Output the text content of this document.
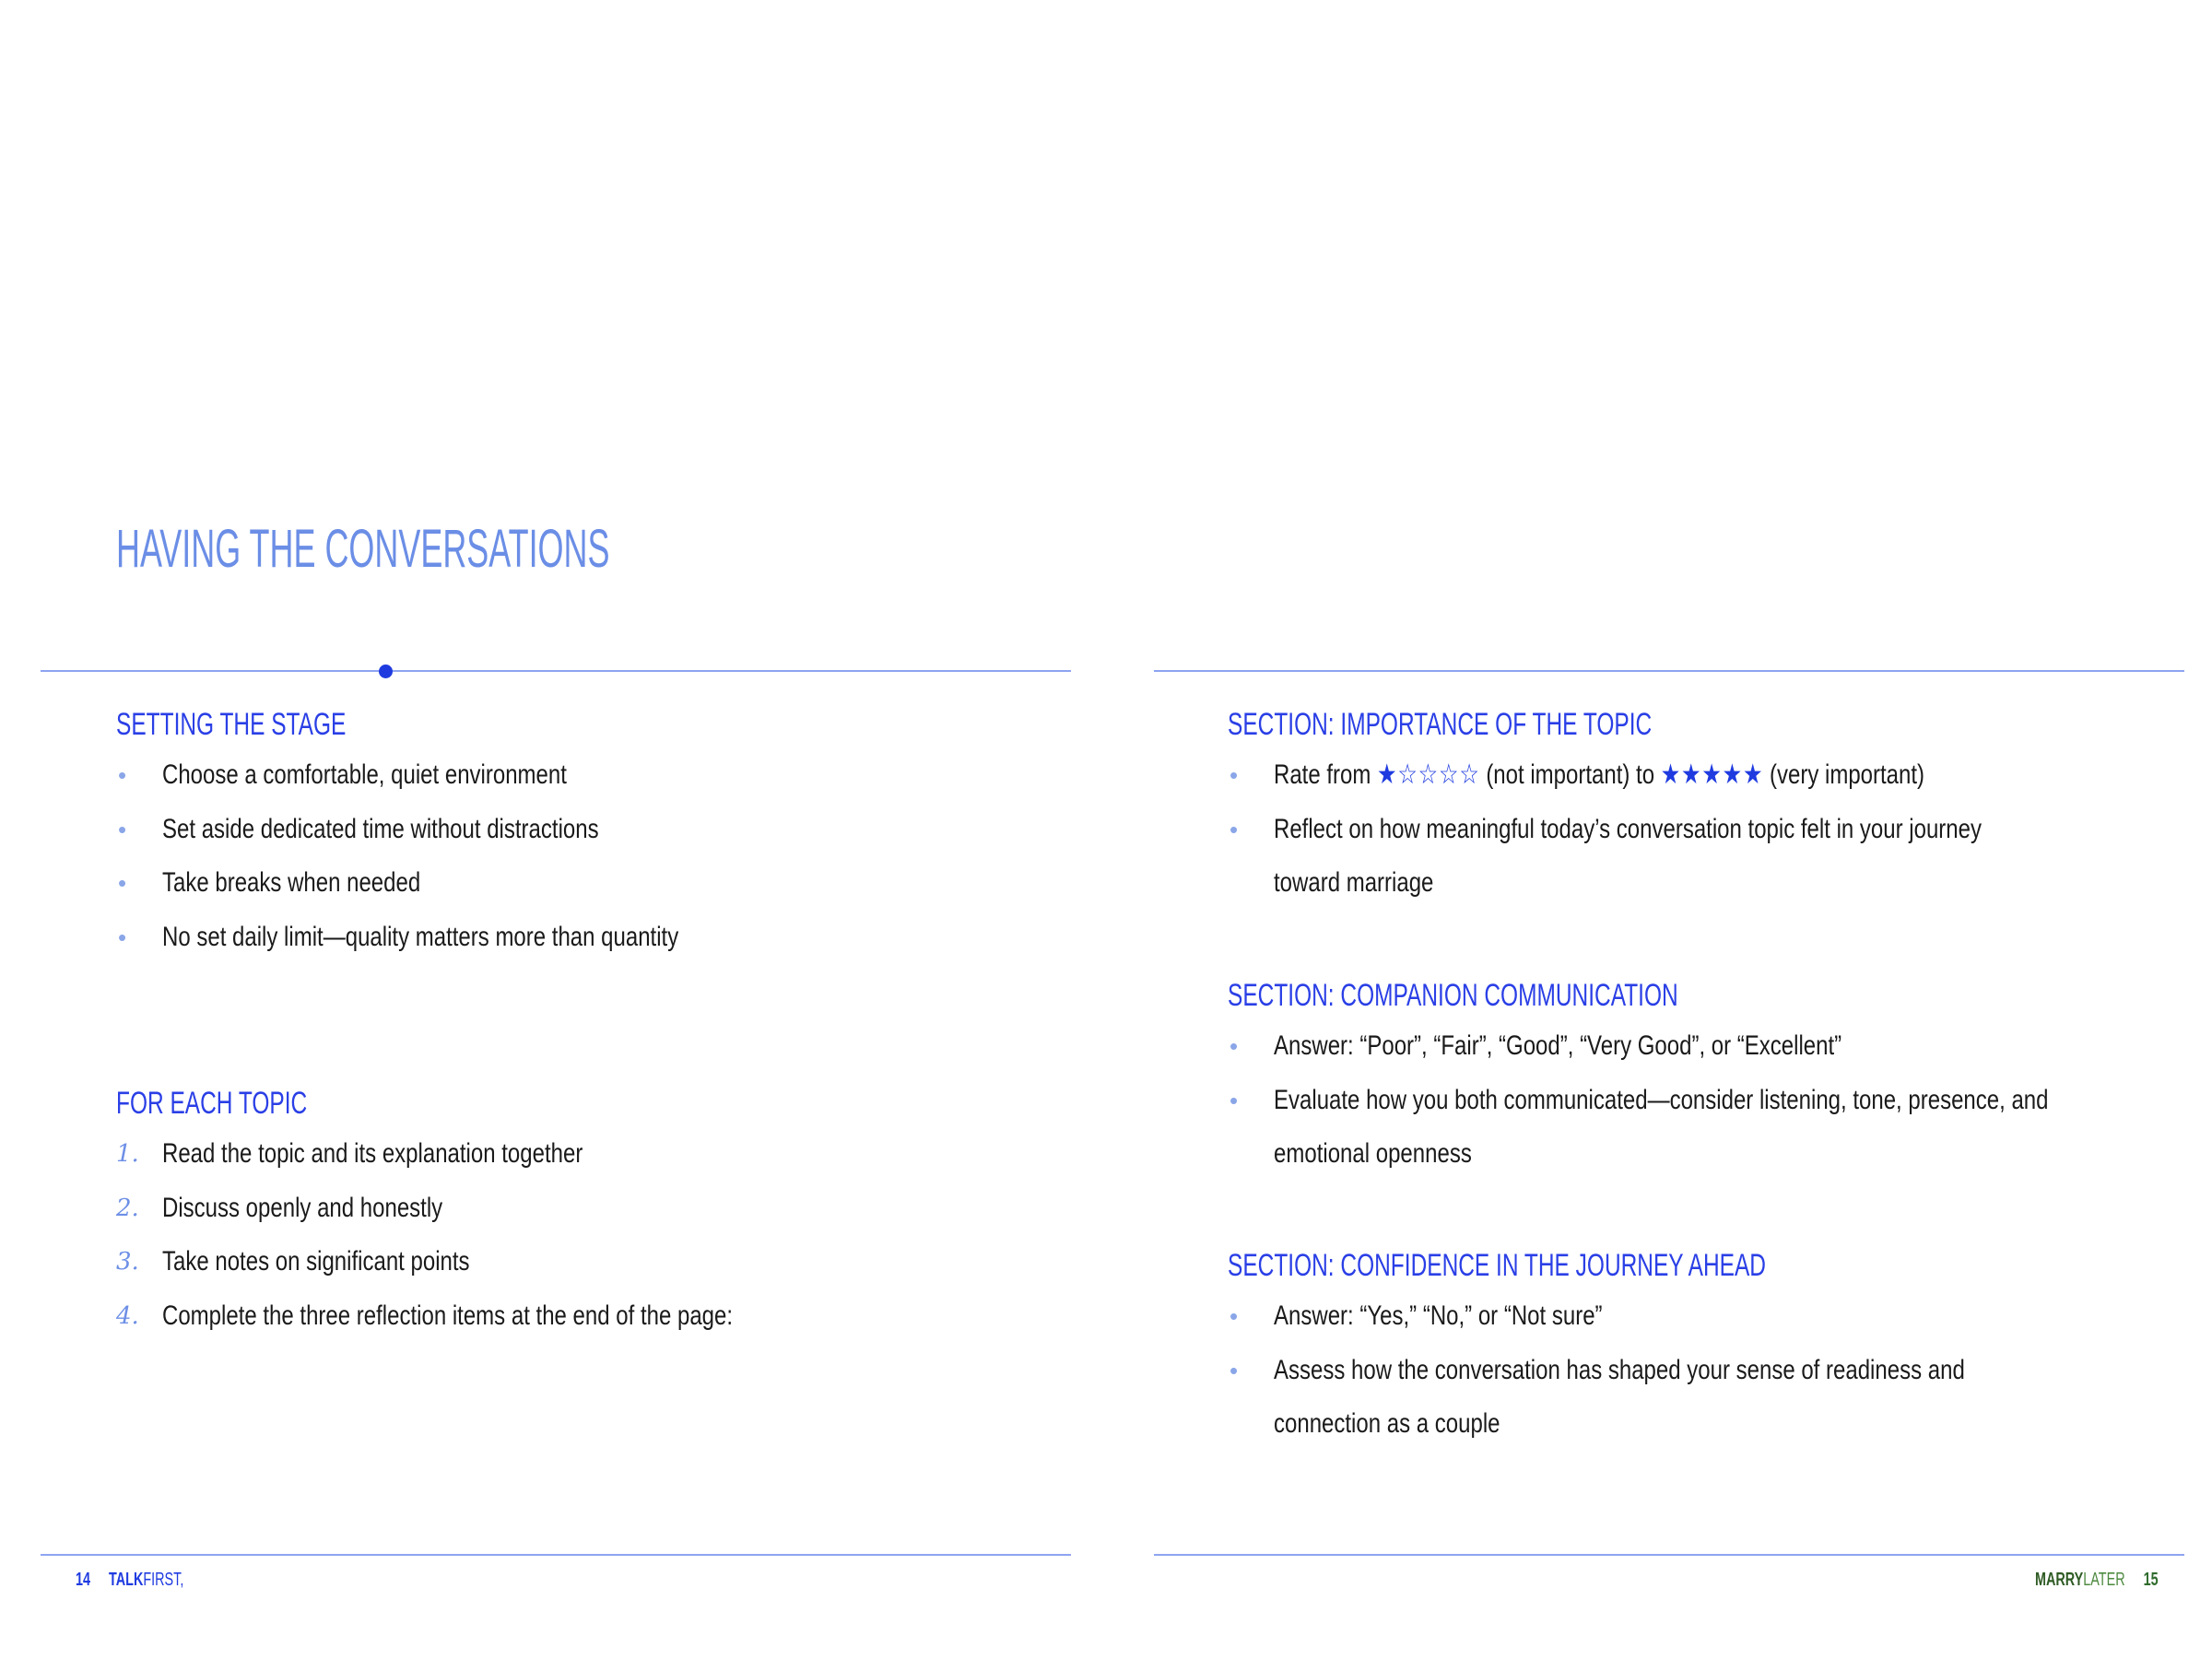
HAVING THE CONVERSATIONS
SETTING THE STAGE
• Choose a comfortable, quiet environment
• Set aside dedicated time without distractions
• Take breaks when needed
• No set daily limit—quality matters more than quantity
FOR EACH TOPIC
1. Read the topic and its explanation together
2. Discuss openly and honestly
3. Take notes on significant points
4. Complete the three reflection items at the end of the page:
SECTION: IMPORTANCE OF THE TOPIC
• Rate from ★☆☆☆☆ (not important) to ★★★★★ (very important)
• Reflect on how meaningful today’s conversation topic felt in your journey
toward marriage
SECTION: COMPANION COMMUNICATION
• Answer: “Poor”, “Fair”, “Good”, “Very Good”, or “Excellent”
• Evaluate how you both communicated—consider listening, tone, presence, and
emotional openness
SECTION: CONFIDENCE IN THE JOURNEY AHEAD
• Answer: “Yes,” “No,” or “Not sure”
• Assess how the conversation has shaped your sense of readiness and
connection as a couple
14 TALKFIRST,	MARRYLATER 15
